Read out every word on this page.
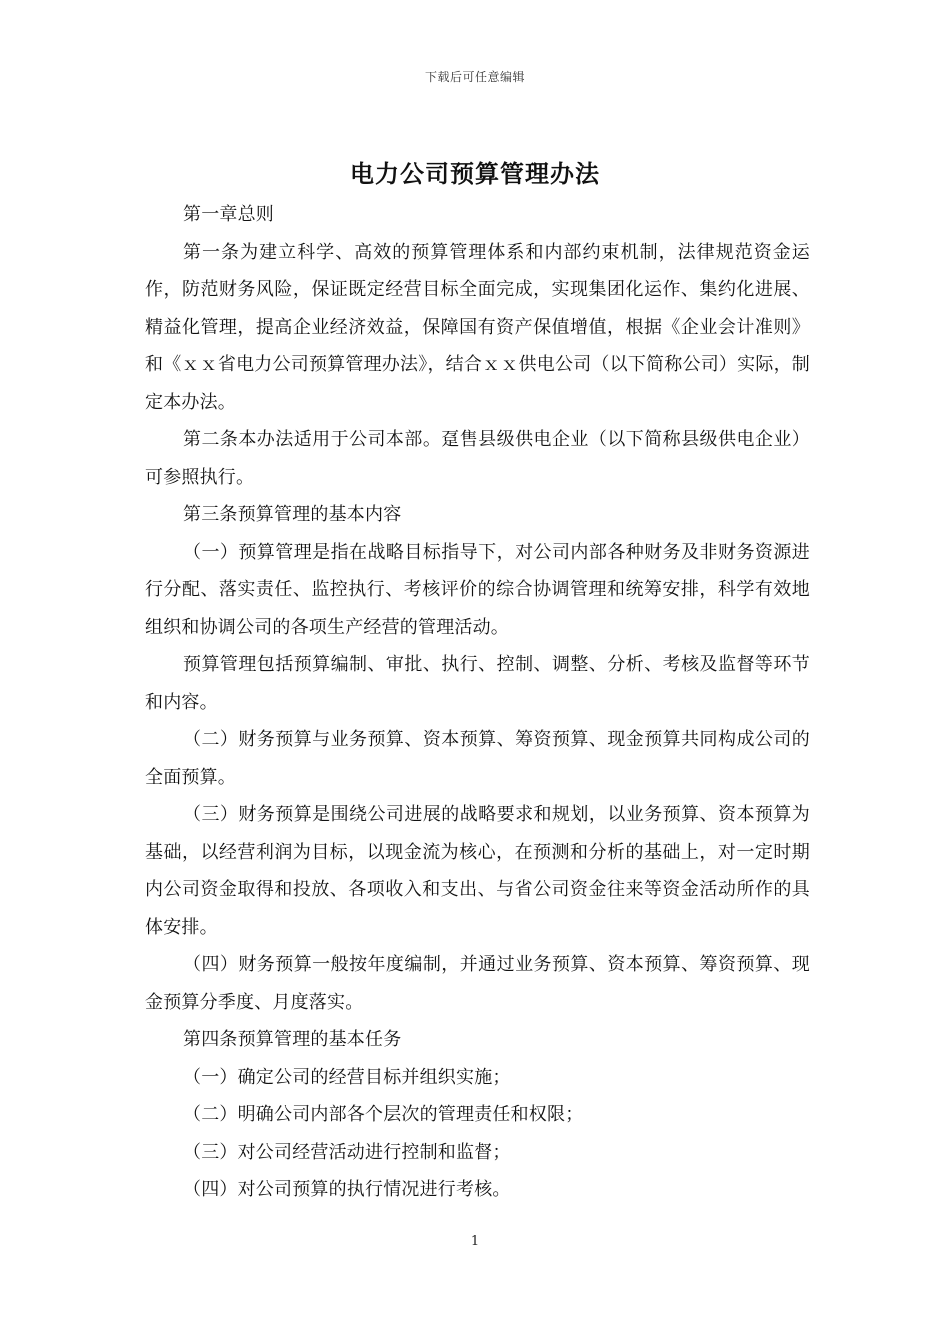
下载后可任意编辑
电力公司预算管理办法

第一章总则

第一条为建立科学、高效的预算管理体系和内部约束机制，法律规范资金运作，防范财务风险，保证既定经营目标全面完成，实现集团化运作、集约化进展、精益化管理，提高企业经济效益，保障国有资产保值增值，根据《企业会计准则》和《ｘｘ省电力公司预算管理办法》，结合ｘｘ供电公司（以下简称公司）实际，制定本办法。

第二条本办法适用于公司本部。趸售县级供电企业（以下简称县级供电企业）可参照执行。

第三条预算管理的基本内容

（一）预算管理是指在战略目标指导下，对公司内部各种财务及非财务资源进行分配、落实责任、监控执行、考核评价的综合协调管理和统筹安排，科学有效地组织和协调公司的各项生产经营的管理活动。

预算管理包括预算编制、审批、执行、控制、调整、分析、考核及监督等环节和内容。

（二）财务预算与业务预算、资本预算、筹资预算、现金预算共同构成公司的全面预算。

（三）财务预算是围绕公司进展的战略要求和规划，以业务预算、资本预算为基础，以经营利润为目标，以现金流为核心，在预测和分析的基础上，对一定时期内公司资金取得和投放、各项收入和支出、与省公司资金往来等资金活动所作的具体安排。

（四）财务预算一般按年度编制，并通过业务预算、资本预算、筹资预算、现金预算分季度、月度落实。

第四条预算管理的基本任务

（一）确定公司的经营目标并组织实施；

（二）明确公司内部各个层次的管理责任和权限；

（三）对公司经营活动进行控制和监督；

（四）对公司预算的执行情况进行考核。

1
